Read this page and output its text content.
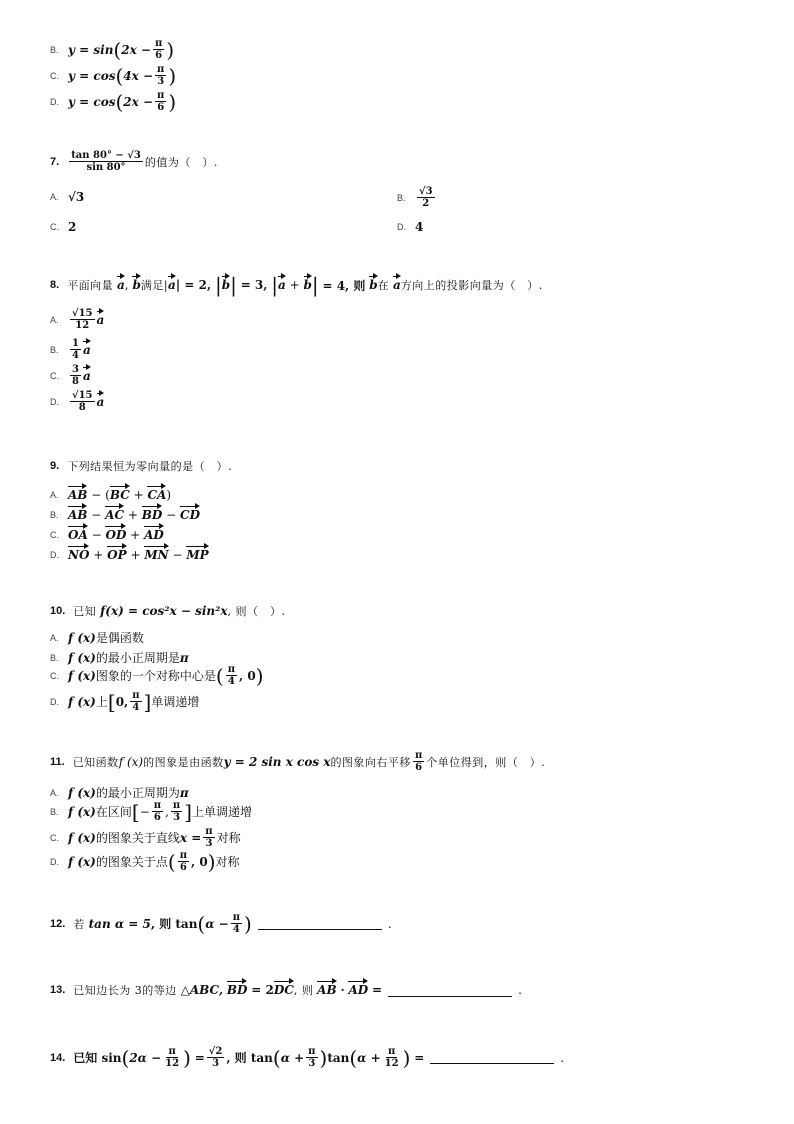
B. y = sin ( $2x - \frac{\pi}{6}$ )
C. y = cos ( $4x - \frac{\pi}{3}$ )
D. y = cos ( $2x - \frac{\pi}{6}$ )
7. $\frac{\tan 80^\circ - √3}{\sin 80^\circ}$ 的值为（　）.
A. √3	B.	$\frac{√3}{2}$
C. 2	D. 4
8. 平面向量
a , b 满足| a | = 2,
| b |
= 3,
| a + b |
= 4, 则
b 在
a 方向上的投影向量为（　）.
A.	$\frac{√15}{12}$ a
B.	$\frac{1}{4}$ a
C.	$\frac{3}{8}$ a
D.	$\frac{√15}{8}$ a
9. 下列结果恒为零向量的是（　）.
A. AB
− ( BC
+
CA )
B. AB
−
AC
+
BD
−
CD
C. OA
−
OD
+
AD
D. NO
+
OP
+
MN
−
MP
10. 已知
f(x) = cos²x − sin²x , 则（　）.
A. f (x) 是偶函数
B. f (x) 的最小正周期是 π
C. f (x) 图象的一个对称中心是 ( $\frac{\pi}{4}$ , 0 )
D. f (x) 上 [ 0, $\frac{\pi}{4}$ ] 单调递增
11. 已知函数 f (x) 的图象是由函数 y = 2 sin x cos x 的图象向右平移 $\frac{\pi}{6}$ 个单位得到，则（　）.
A. f (x) 的最小正周期为 π
B. f (x) 在区间 [ − $\frac{\pi}{6}$ , $\frac{\pi}{3}$ ] 上单调递增
C. f (x) 的图象关于直线 $x = \frac{\pi}{3}$ 对称
D. f (x) 的图象关于点 ( $\frac{\pi}{6}$ , 0 ) 对称
12. 若
tan α = 5 , 则 tan ( $\alpha - \frac{\pi}{4}$ )	.
13. 已知边长为 3的等边
△ABC,
BD
= 2 DC , 则
AB
·
AD
=	.
14. 已知 sin ( $2\alpha - \frac{\pi}{12}$ )
= $\frac{√2}{3}$ , 则 tan ( $\alpha + \frac{\pi}{3}$ ) tan ( $\alpha + \frac{\pi}{12}$ )
=	.
